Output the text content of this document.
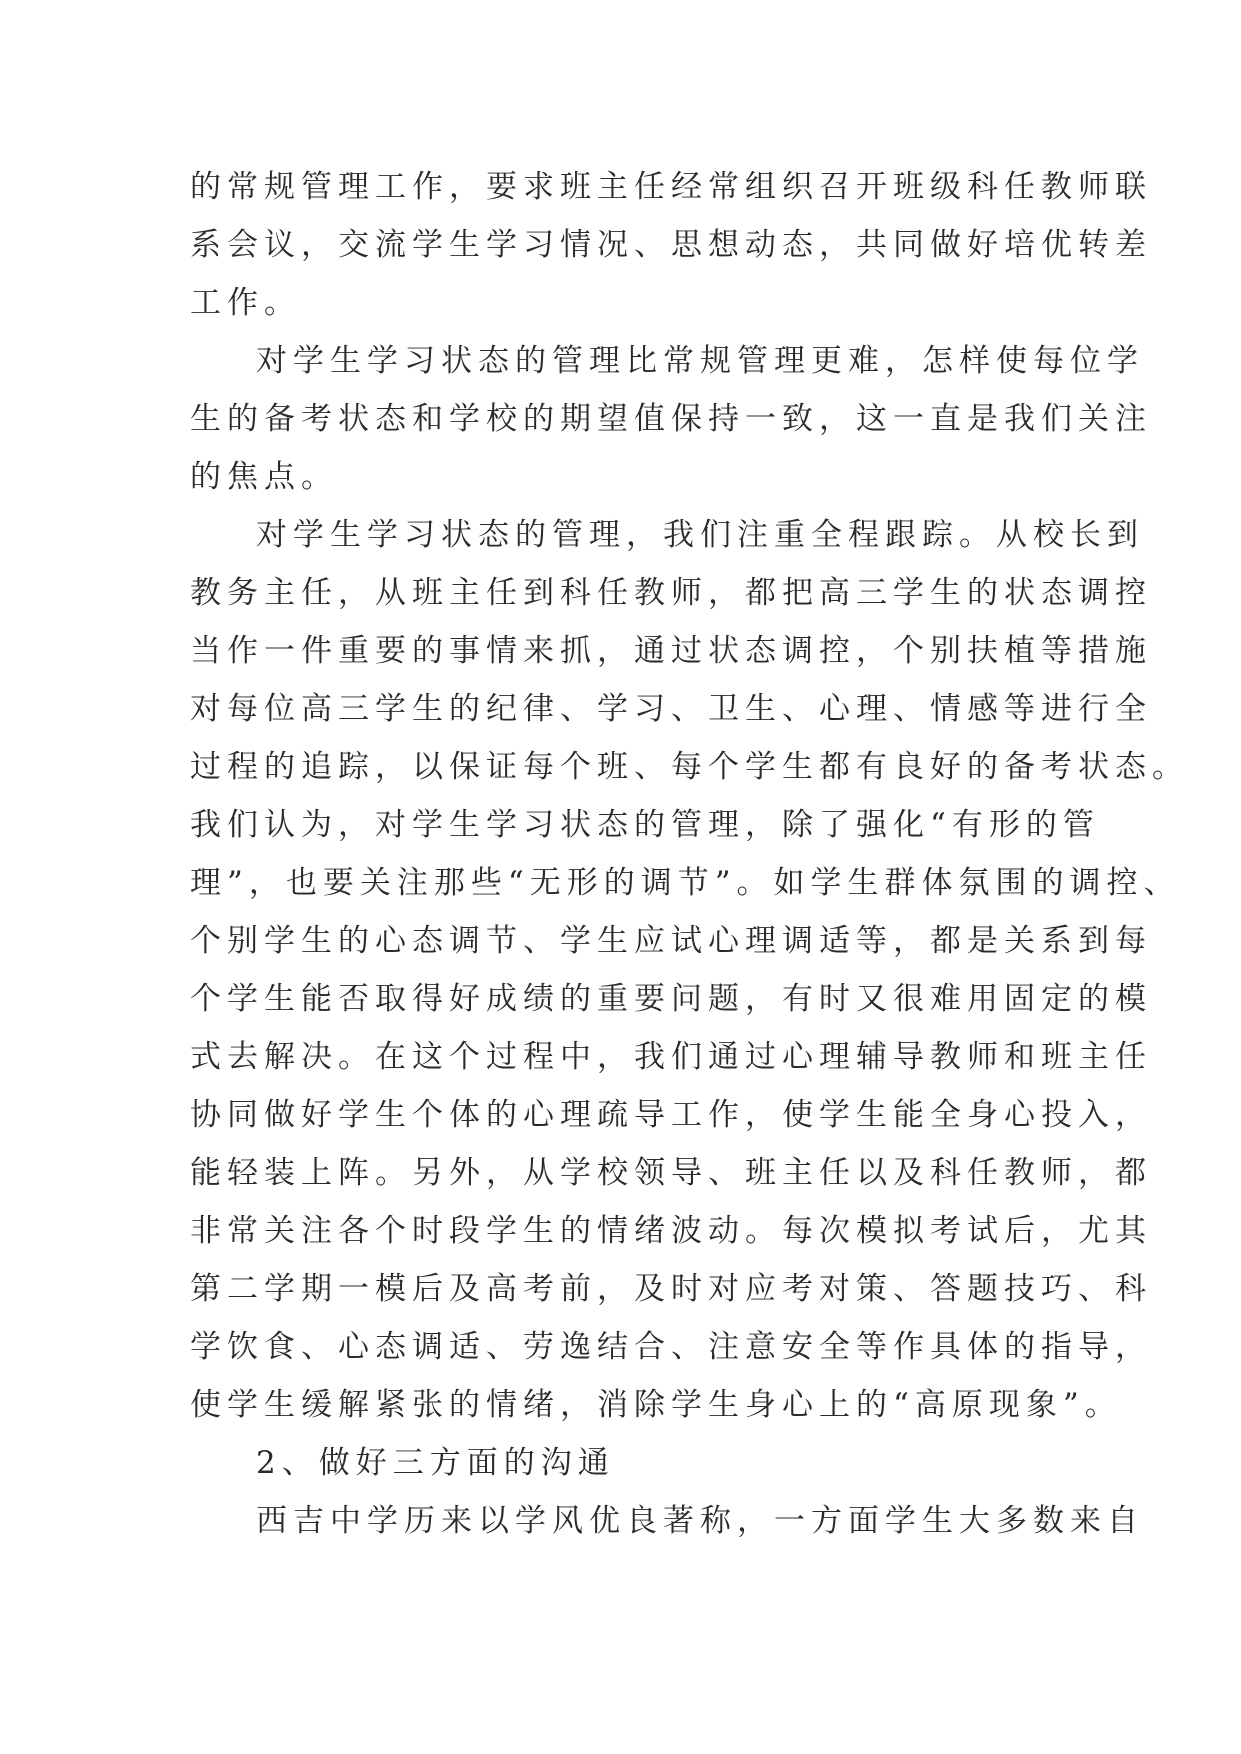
的常规管理工作，要求班主任经常组织召开班级科任教师联
系会议，交流学生学习情况、思想动态，共同做好培优转差
工作。
对学生学习状态的管理比常规管理更难，怎样使每位学
生的备考状态和学校的期望值保持一致，这一直是我们关注
的焦点。
对学生学习状态的管理，我们注重全程跟踪。从校长到
教务主任，从班主任到科任教师，都把高三学生的状态调控
当作一件重要的事情来抓，通过状态调控，个别扶植等措施
对每位高三学生的纪律、学习、卫生、心理、情感等进行全
过程的追踪，以保证每个班、每个学生都有良好的备考状态。
我们认为，对学生学习状态的管理，除了强化“有形的管
理”，也要关注那些“无形的调节”。如学生群体氛围的调控、
个别学生的心态调节、学生应试心理调适等，都是关系到每
个学生能否取得好成绩的重要问题，有时又很难用固定的模
式去解决。在这个过程中，我们通过心理辅导教师和班主任
协同做好学生个体的心理疏导工作，使学生能全身心投入，
能轻装上阵。另外，从学校领导、班主任以及科任教师，都
非常关注各个时段学生的情绪波动。每次模拟考试后，尤其
第二学期一模后及高考前，及时对应考对策、答题技巧、科
学饮食、心态调适、劳逸结合、注意安全等作具体的指导，
使学生缓解紧张的情绪，消除学生身心上的“高原现象”。
2、做好三方面的沟通
西吉中学历来以学风优良著称，一方面学生大多数来自
